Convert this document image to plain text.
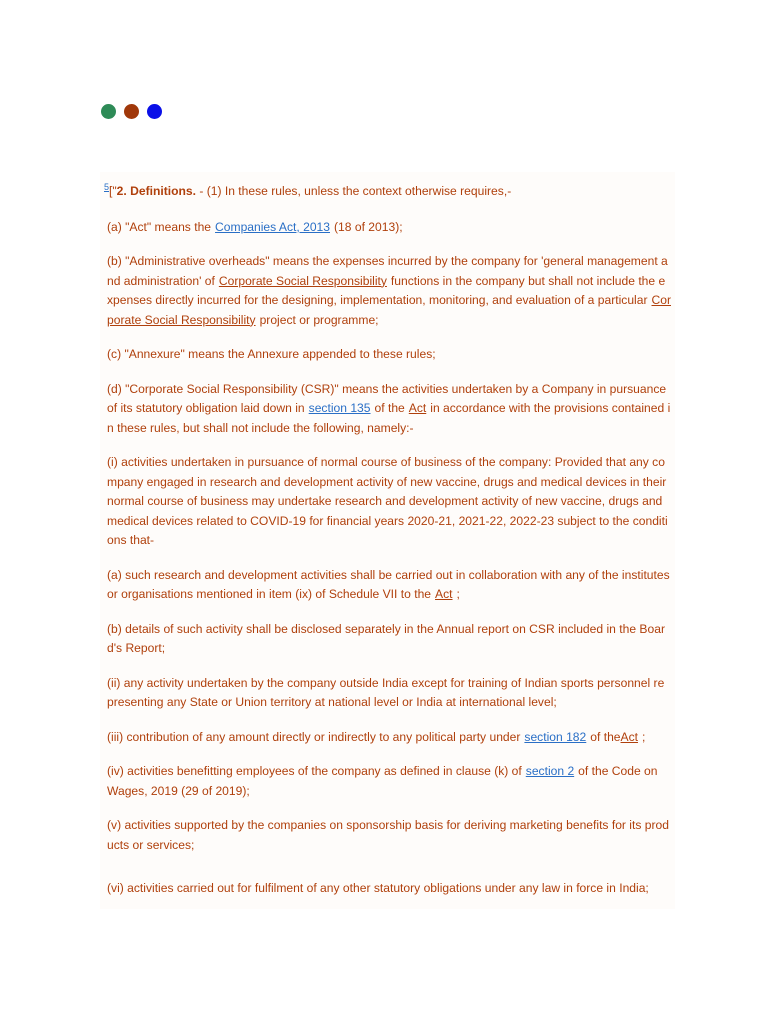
$^5$["2. Definitions. - (1) In these rules, unless the context otherwise requires,-

(a) "Act" means the Companies Act, 2013 (18 of 2013);

(b) "Administrative overheads" means the expenses incurred by the company for 'general management and administration' of Corporate Social Responsibility functions in the company but shall not include the expenses directly incurred for the designing, implementation, monitoring, and evaluation of a particular Corporate Social Responsibility project or programme;

(c) "Annexure" means the Annexure appended to these rules;

(d) "Corporate Social Responsibility (CSR)" means the activities undertaken by a Company in pursuance of its statutory obligation laid down in section 135 of the Act in accordance with the provisions contained in these rules, but shall not include the following, namely:-

(i) activities undertaken in pursuance of normal course of business of the company: Provided that any company engaged in research and development activity of new vaccine, drugs and medical devices in their normal course of business may undertake research and development activity of new vaccine, drugs and medical devices related to COVID-19 for financial years 2020-21, 2021-22, 2022-23 subject to the conditions that-

(a) such research and development activities shall be carried out in collaboration with any of the institutes or organisations mentioned in item (ix) of Schedule VII to the Act ;

(b) details of such activity shall be disclosed separately in the Annual report on CSR included in the Board's Report;

(ii) any activity undertaken by the company outside India except for training of Indian sports personnel representing any State or Union territory at national level or India at international level;

(iii) contribution of any amount directly or indirectly to any political party under section 182 of theAct ;

(iv) activities benefitting employees of the company as defined in clause (k) of section 2 of the Code on Wages, 2019 (29 of 2019);

(v) activities supported by the companies on sponsorship basis for deriving marketing benefits for its products or services;

(vi) activities carried out for fulfilment of any other statutory obligations under any law in force in India;
